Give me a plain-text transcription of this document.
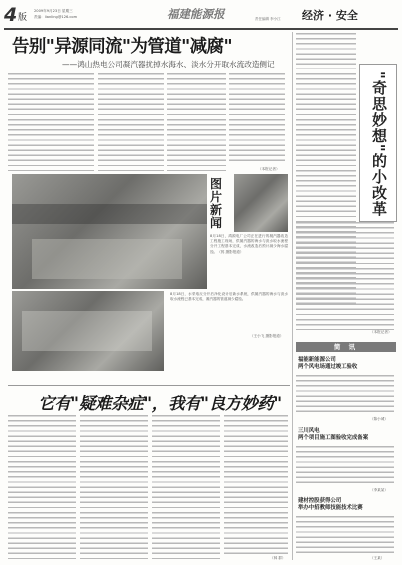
4 版
2009年9月23日 星期三
责编：lianling@126.com	福建能源报	责任编辑 李小江 经济 · 安全
告别"异源同流"为管道"减腐"
——鸿山热电公司凝汽器扰掉水海水、淡水分开取水流改造侧记
（本报记者）
图
片
新
闻
8月18日，鸿源电厂公司正在进行的凝汽器改造工程施工现场，供凝汽器的海水与淡水取水流程分开工程基本完成，水流改造后预计减少海水腐蚀。（郭 摄影报道）
8月18日，水采取反分开后净化设计后新水系统，供凝汽器的海水与淡水取水流程已基本完成，凝汽器的管道减少腐蚀。
（王小飞 摄影报道）
"奇思妙想"的小改革
（本报记者）
简 讯
福能新能源公司
两个风电场通过竣工验收
（陈小城）
三川风电
两个项目施工图验收完成备案
（李某某）
建材控股获得公司
举办中招教师技能技术比赛
（王某）
它有"疑难杂症"，我有"良方妙药"
（林 群）
